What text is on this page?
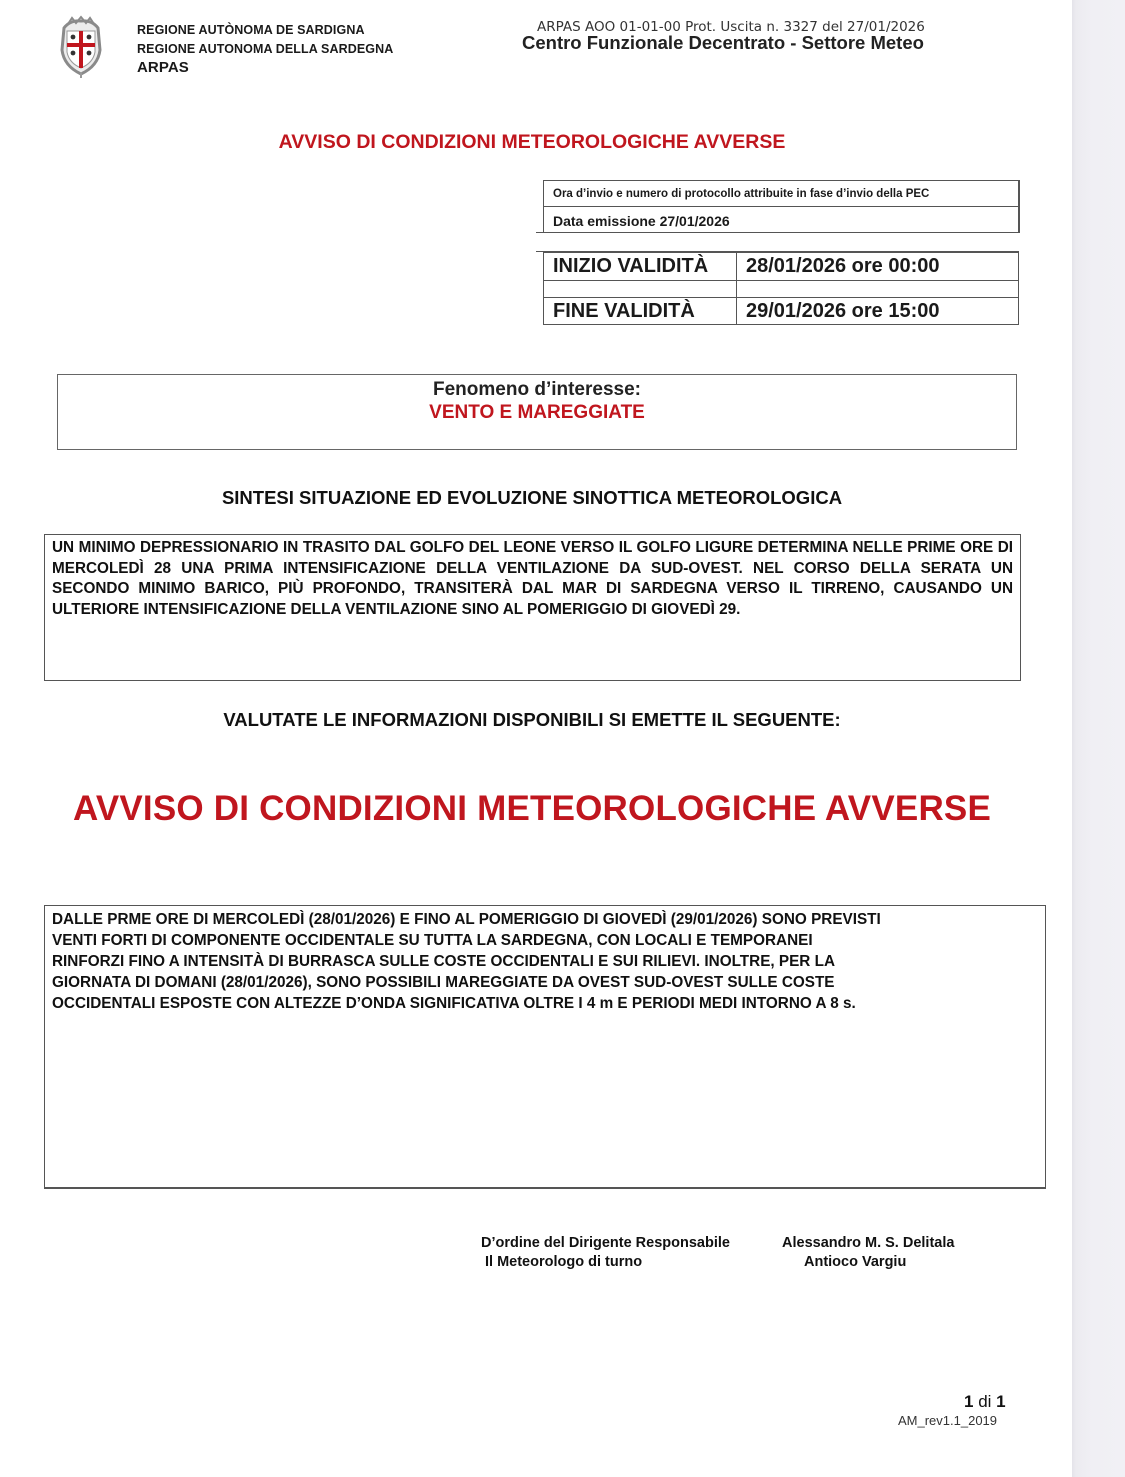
REGIONE AUTÒNOMA DE SARDIGNA
REGIONE AUTONOMA DELLA SARDEGNA
ARPAS
ARPAS AOO 01-01-00 Prot. Uscita n. 3327 del 27/01/2026
Centro Funzionale Decentrato - Settore Meteo
AVVISO DI CONDIZIONI METEOROLOGICHE AVVERSE
Ora d’invio e numero di protocollo attribuite in fase d’invio della PEC
Data emissione 27/01/2026
INIZIO VALIDITÀ	28/01/2026 ore 00:00

FINE VALIDITÀ	29/01/2026 ore 15:00
Fenomeno d’interesse:
VENTO E MAREGGIATE
SINTESI SITUAZIONE ED EVOLUZIONE SINOTTICA METEOROLOGICA
UN MINIMO DEPRESSIONARIO IN TRASITO DAL GOLFO DEL LEONE VERSO IL GOLFO LIGURE DETERMINA NELLE PRIME ORE DI MERCOLEDÌ 28 UNA PRIMA INTENSIFICAZIONE DELLA VENTILAZIONE DA SUD-OVEST. NEL CORSO DELLA SERATA UN SECONDO MINIMO BARICO, PIÙ PROFONDO, TRANSITERÀ DAL MAR DI SARDEGNA VERSO IL TIRRENO, CAUSANDO UN ULTERIORE INTENSIFICAZIONE DELLA VENTILAZIONE SINO AL POMERIGGIO DI GIOVEDÌ 29.
VALUTATE LE INFORMAZIONI DISPONIBILI SI EMETTE IL SEGUENTE:
AVVISO DI CONDIZIONI METEOROLOGICHE AVVERSE
DALLE PRME ORE DI MERCOLEDÌ (28/01/2026) E FINO AL POMERIGGIO DI GIOVEDÌ (29/01/2026) SONO PREVISTI
VENTI FORTI DI COMPONENTE OCCIDENTALE SU TUTTA LA SARDEGNA, CON LOCALI E TEMPORANEI
RINFORZI FINO A INTENSITÀ DI BURRASCA SULLE COSTE OCCIDENTALI E SUI RILIEVI. INOLTRE, PER LA
GIORNATA DI DOMANI (28/01/2026), SONO POSSIBILI MAREGGIATE DA OVEST SUD-OVEST SULLE COSTE
OCCIDENTALI ESPOSTE CON ALTEZZE D’ONDA SIGNIFICATIVA OLTRE I 4 m E PERIODI MEDI INTORNO A 8 s.
D’ordine del Dirigente Responsabile
Il Meteorologo di turno
Alessandro M. S. Delitala
Antioco Vargiu
1 di 1
AM_rev1.1_2019
